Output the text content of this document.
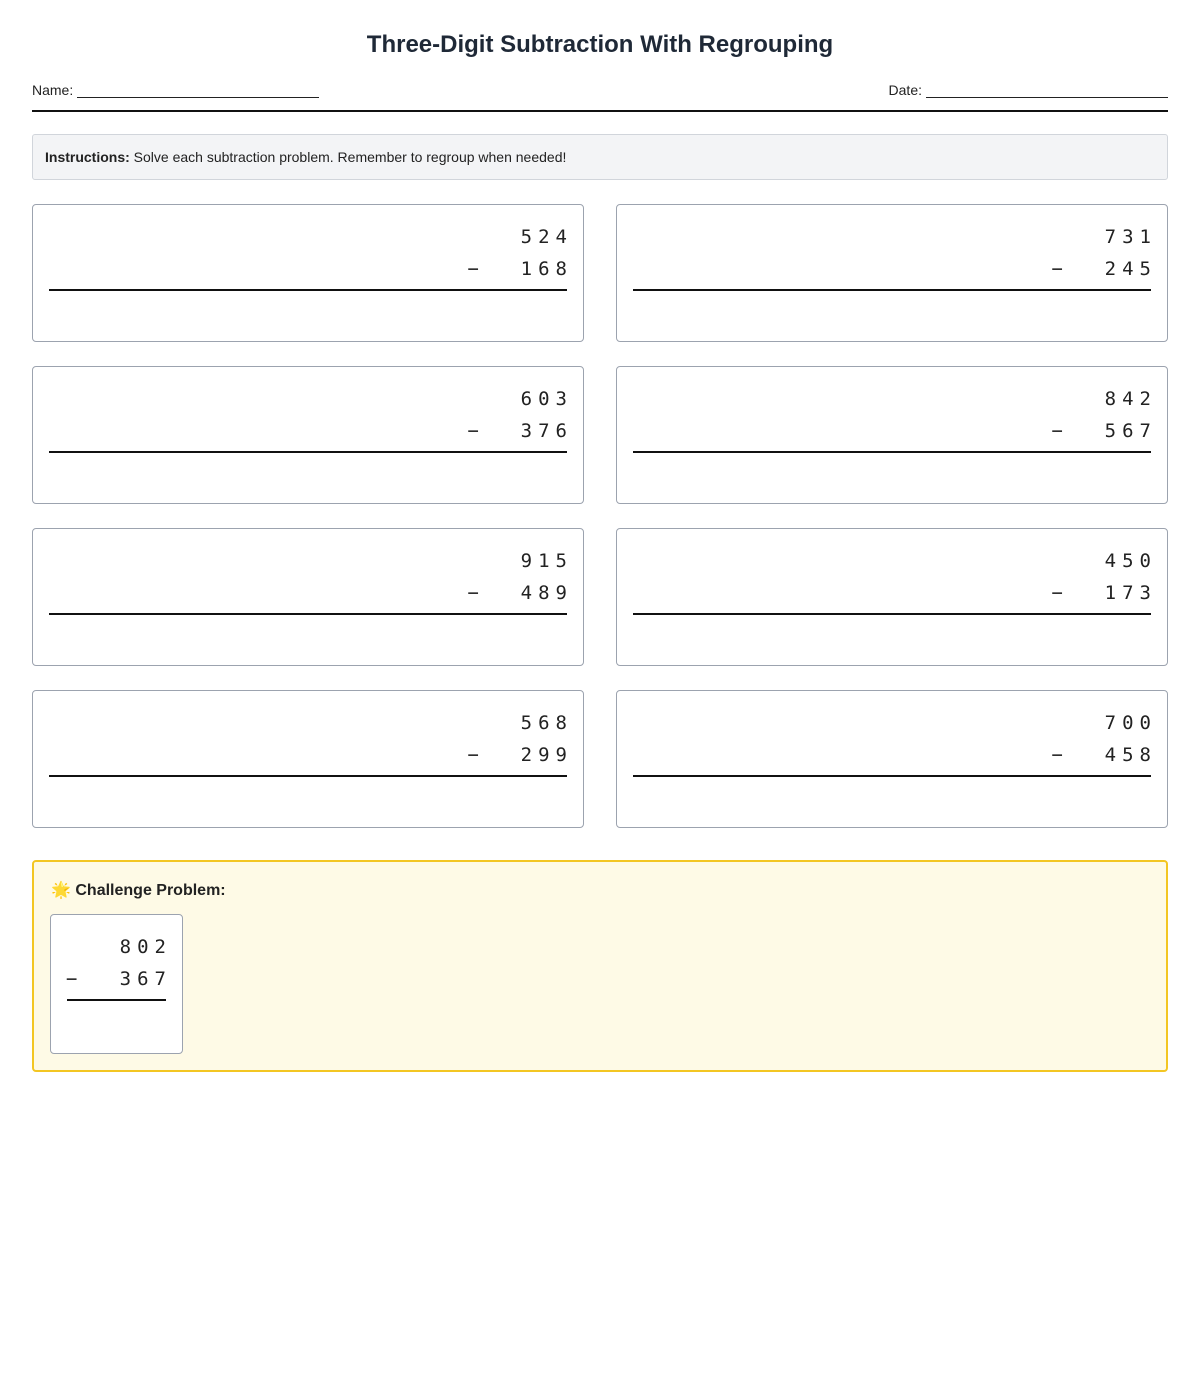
Three-Digit Subtraction With Regrouping
Name:	Date:
Instructions: Solve each subtraction problem. Remember to regroup when needed!
524
− 168
731
− 245
603
− 376
842
− 567
915
− 489
450
− 173
568
− 299
700
− 458
🌟 Challenge Problem:
802
− 367
